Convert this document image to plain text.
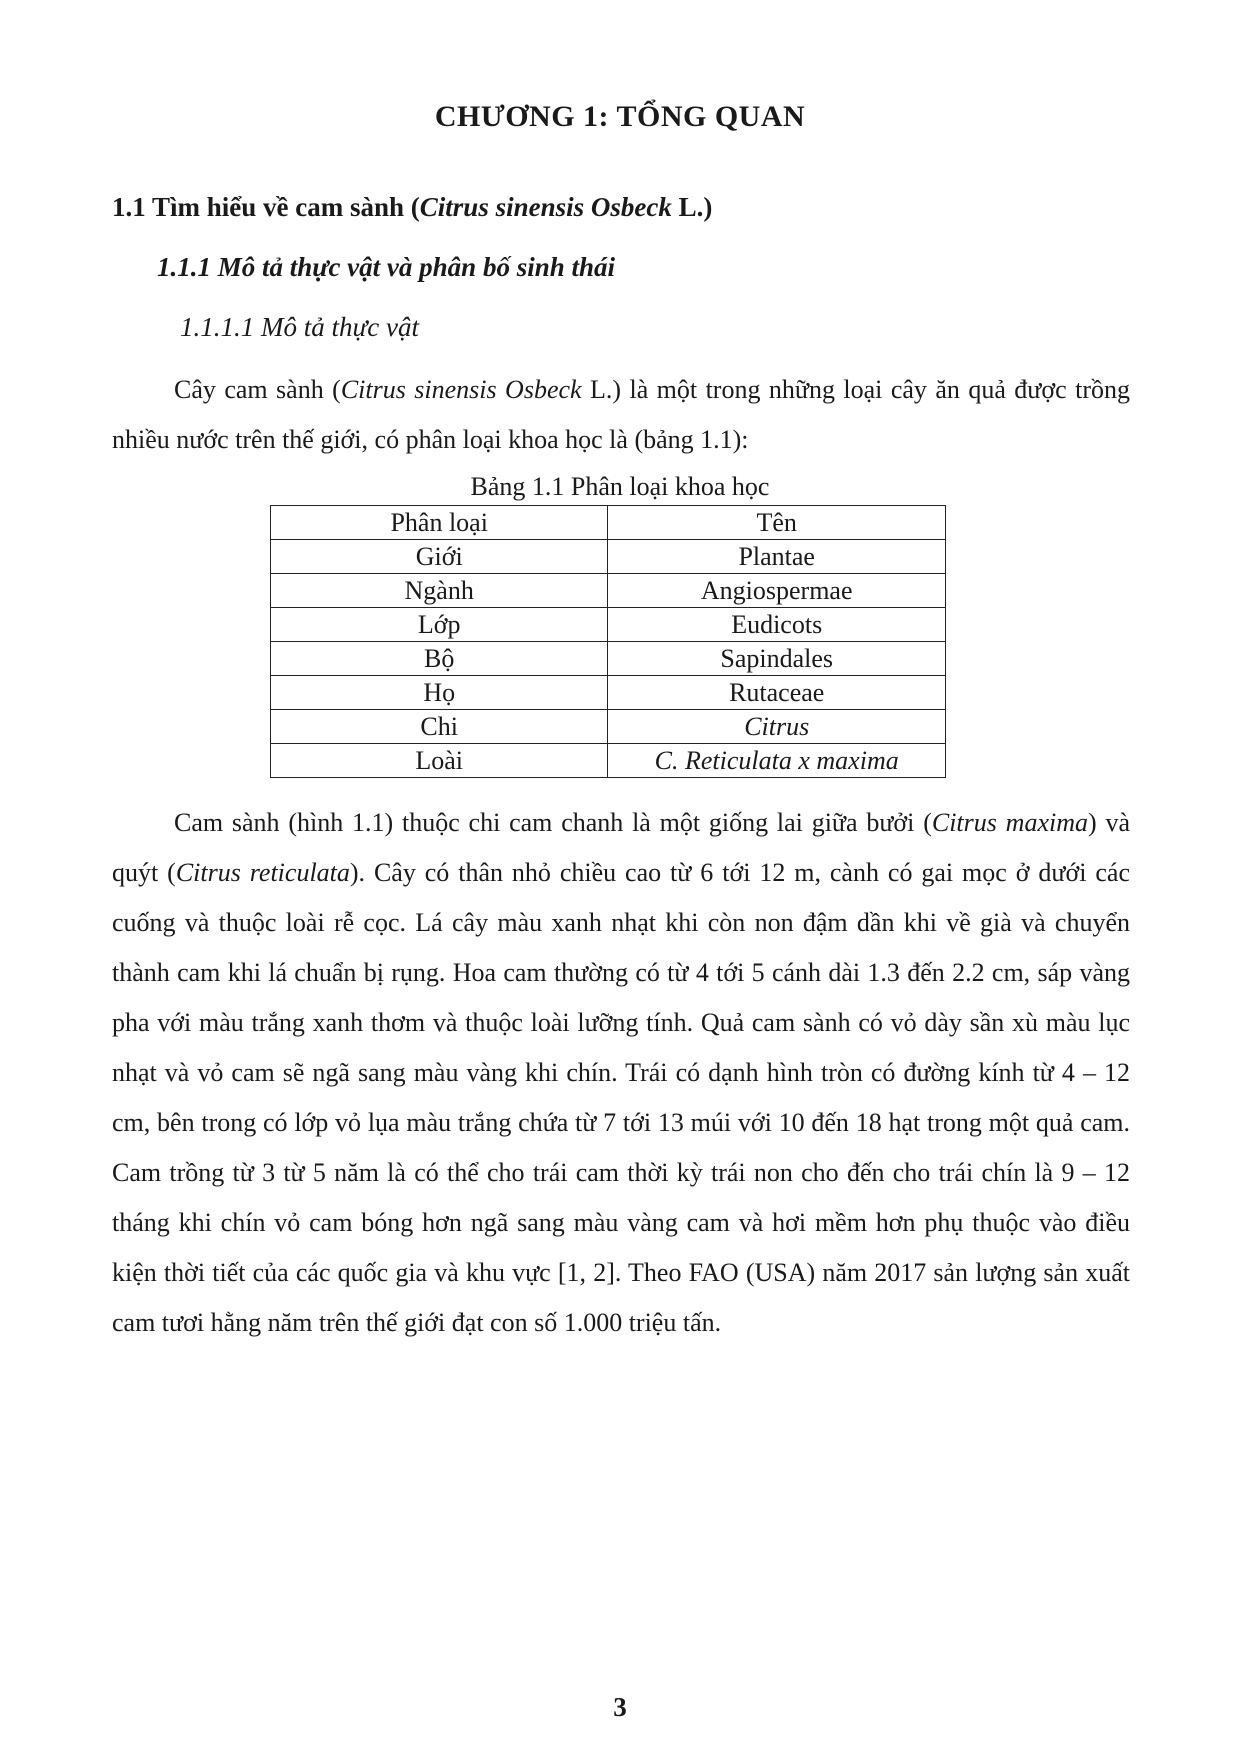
CHƯƠNG 1: TỔNG QUAN
1.1 Tìm hiểu về cam sành (Citrus sinensis Osbeck L.)
1.1.1 Mô tả thực vật và phân bố sinh thái
1.1.1.1 Mô tả thực vật

Cây cam sành (Citrus sinensis Osbeck L.) là một trong những loại cây ăn quả được trồng nhiều nước trên thế giới, có phân loại khoa học là (bảng 1.1):

Bảng 1.1 Phân loại khoa học
Phân loại	Tên
Giới	Plantae
Ngành	Angiospermae
Lớp	Eudicots
Bộ	Sapindales
Họ	Rutaceae
Chi	Citrus
Loài	C. Reticulata x maxima

Cam sành (hình 1.1) thuộc chi cam chanh là một giống lai giữa bưởi (Citrus maxima) và quýt (Citrus reticulata). Cây có thân nhỏ chiều cao từ 6 tới 12 m, cành có gai mọc ở dưới các cuống và thuộc loài rễ cọc. Lá cây màu xanh nhạt khi còn non đậm dần khi về già và chuyển thành cam khi lá chuẩn bị rụng. Hoa cam thường có từ 4 tới 5 cánh dài 1.3 đến 2.2 cm, sáp vàng pha với màu trắng xanh thơm và thuộc loài lưỡng tính. Quả cam sành có vỏ dày sần xù màu lục nhạt và vỏ cam sẽ ngã sang màu vàng khi chín. Trái có dạnh hình tròn có đường kính từ 4 – 12 cm, bên trong có lớp vỏ lụa màu trắng chứa từ 7 tới 13 múi với 10 đến 18 hạt trong một quả cam. Cam trồng từ 3 từ 5 năm là có thể cho trái cam thời kỳ trái non cho đến cho trái chín là 9 – 12 tháng khi chín vỏ cam bóng hơn ngã sang màu vàng cam và hơi mềm hơn phụ thuộc vào điều kiện thời tiết của các quốc gia và khu vực [1, 2]. Theo FAO (USA) năm 2017 sản lượng sản xuất cam tươi hằng năm trên thế giới đạt con số 1.000 triệu tấn.

3
